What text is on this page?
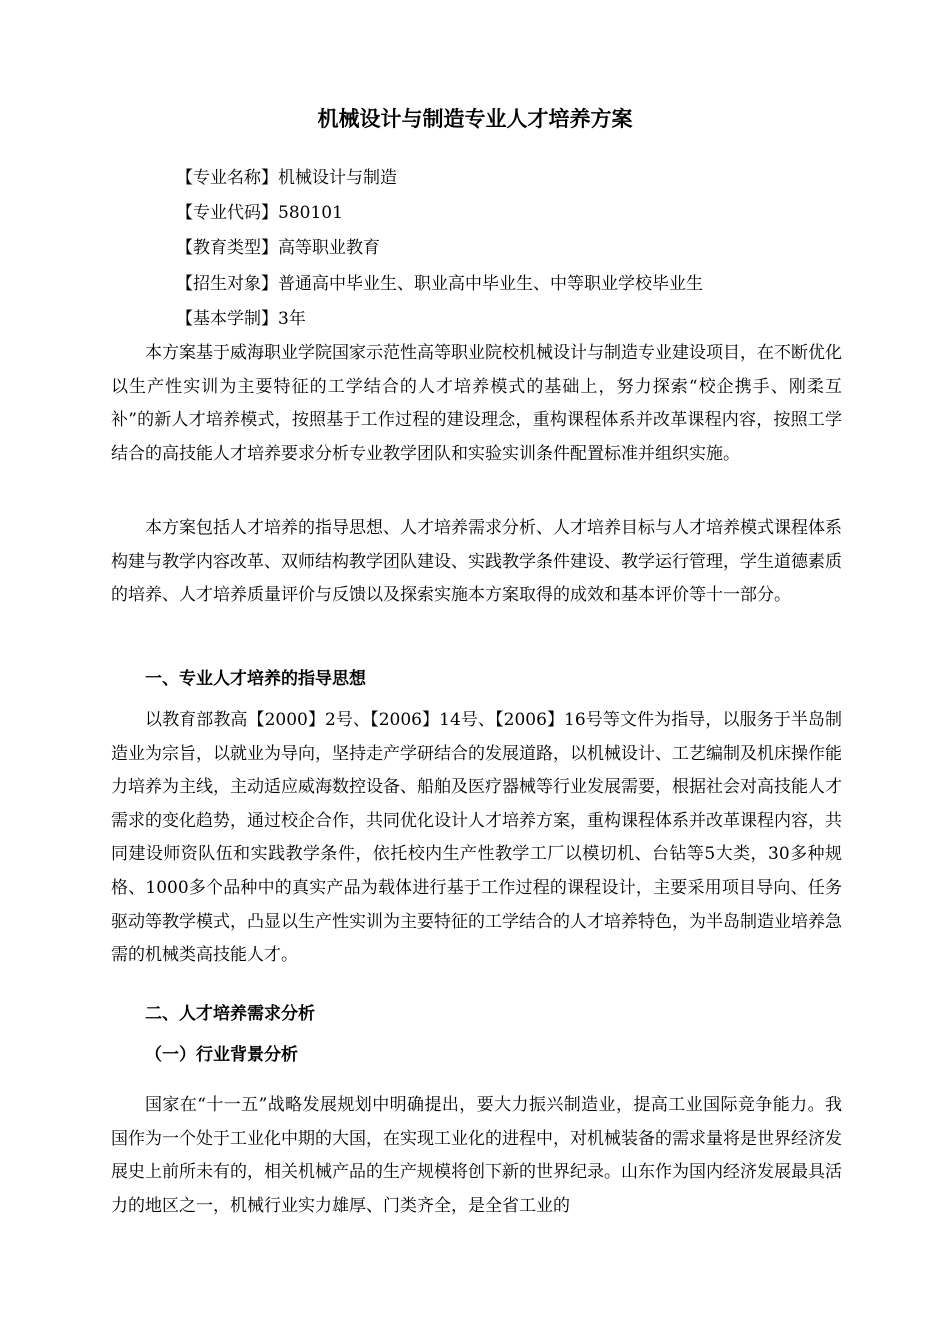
机械设计与制造专业人才培养方案
【专业名称】机械设计与制造
【专业代码】580101
【教育类型】高等职业教育
【招生对象】普通高中毕业生、职业高中毕业生、中等职业学校毕业生
【基本学制】3年

本方案基于威海职业学院国家示范性高等职业院校机械设计与制造专业建设项目，在不断优化以生产性实训为主要特征的工学结合的人才培养模式的基础上，努力探索“校企携手、刚柔互补”的新人才培养模式，按照基于工作过程的建设理念，重构课程体系并改革课程内容，按照工学结合的高技能人才培养要求分析专业教学团队和实验实训条件配置标准并组织实施。

本方案包括人才培养的指导思想、人才培养需求分析、人才培养目标与人才培养模式课程体系构建与教学内容改革、双师结构教学团队建设、实践教学条件建设、教学运行管理，学生道德素质的培养、人才培养质量评价与反馈以及探索实施本方案取得的成效和基本评价等十一部分。

一、专业人才培养的指导思想

以教育部教高【2000】2号、【2006】14号、【2006】16号等文件为指导，以服务于半岛制造业为宗旨，以就业为导向，坚持走产学研结合的发展道路，以机械设计、工艺编制及机床操作能力培养为主线，主动适应威海数控设备、船舶及医疗器械等行业发展需要，根据社会对高技能人才需求的变化趋势，通过校企合作，共同优化设计人才培养方案，重构课程体系并改革课程内容，共同建设师资队伍和实践教学条件，依托校内生产性教学工厂以模切机、台钻等5大类，30多种规格、1000多个品种中的真实产品为载体进行基于工作过程的课程设计，主要采用项目导向、任务驱动等教学模式，凸显以生产性实训为主要特征的工学结合的人才培养特色，为半岛制造业培养急需的机械类高技能人才。

二、人才培养需求分析
（一）行业背景分析

国家在“十一五”战略发展规划中明确提出，要大力振兴制造业，提高工业国际竞争能力。我国作为一个处于工业化中期的大国，在实现工业化的进程中，对机械装备的需求量将是世界经济发展史上前所未有的，相关机械产品的生产规模将创下新的世界纪录。山东作为国内经济发展最具活力的地区之一，机械行业实力雄厚、门类齐全，是全省工业的
